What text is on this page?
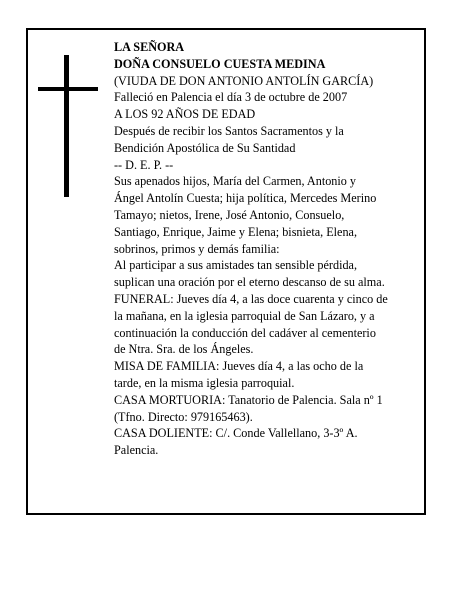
LA SEÑORA
DOÑA CONSUELO CUESTA MEDINA
(VIUDA DE DON ANTONIO ANTOLÍN GARCÍA)
Falleció en Palencia el día 3 de octubre de 2007
A LOS 92 AÑOS DE EDAD
Después de recibir los Santos Sacramentos y la
Bendición Apostólica de Su Santidad
-- D. E. P. --
Sus apenados hijos, María del Carmen, Antonio y
Ángel Antolín Cuesta; hija política, Mercedes Merino
Tamayo; nietos, Irene, José Antonio, Consuelo,
Santiago, Enrique, Jaime y Elena; bisnieta, Elena,
sobrinos, primos y demás familia:
Al participar a sus amistades tan sensible pérdida,
suplican una oración por el eterno descanso de su alma.
FUNERAL: Jueves día 4, a las doce cuarenta y cinco de
la mañana, en la iglesia parroquial de San Lázaro, y a
continuación la conducción del cadáver al cementerio
de Ntra. Sra. de los Ángeles.
MISA DE FAMILIA: Jueves día 4, a las ocho de la
tarde, en la misma iglesia parroquial.
CASA MORTUORIA: Tanatorio de Palencia. Sala nº 1
(Tfno. Directo: 979165463).
CASA DOLIENTE: C/. Conde Vallellano, 3-3º A.
Palencia.
